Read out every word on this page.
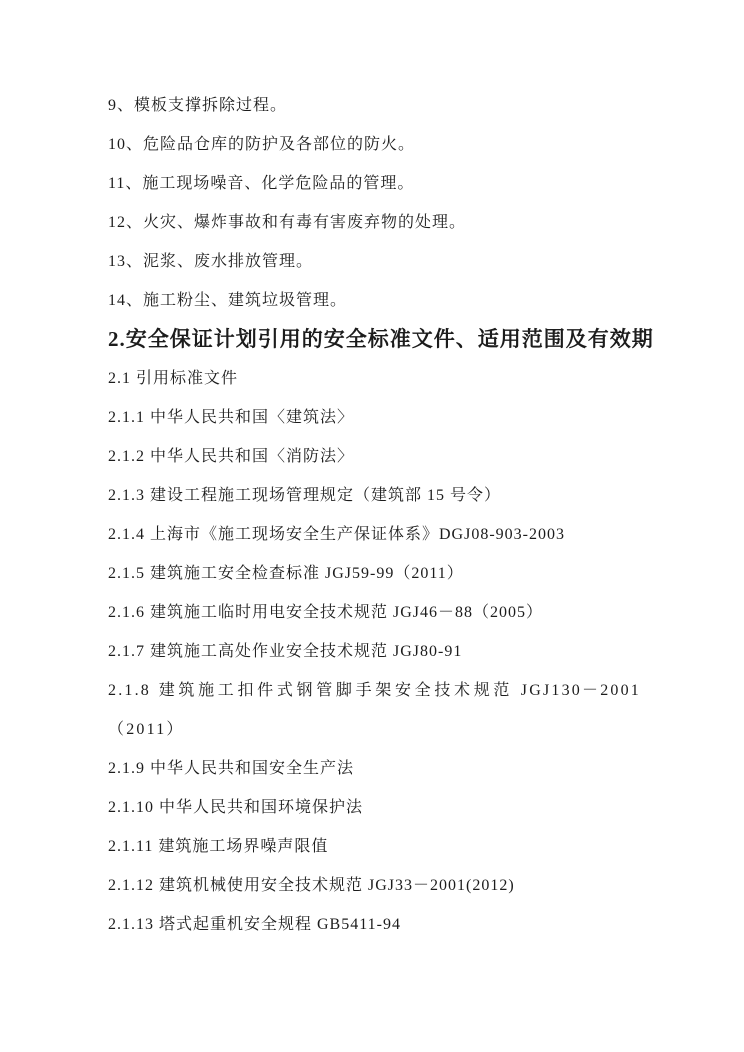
9、模板支撑拆除过程。

10、危险品仓库的防护及各部位的防火。

11、施工现场噪音、化学危险品的管理。

12、火灾、爆炸事故和有毒有害废弃物的处理。

13、泥浆、废水排放管理。

14、施工粉尘、建筑垃圾管理。

2.安全保证计划引用的安全标准文件、适用范围及有效期

2.1 引用标准文件

2.1.1 中华人民共和国〈建筑法〉

2.1.2 中华人民共和国〈消防法〉

2.1.3 建设工程施工现场管理规定（建筑部 15 号令）

2.1.4 上海市《施工现场安全生产保证体系》DGJ08-903-2003

2.1.5 建筑施工安全检查标准 JGJ59-99（2011）

2.1.6 建筑施工临时用电安全技术规范 JGJ46－88（2005）

2.1.7 建筑施工高处作业安全技术规范 JGJ80-91

2.1.8 建筑施工扣件式钢管脚手架安全技术规范 JGJ130－2001 （2011）

2.1.9 中华人民共和国安全生产法

2.1.10 中华人民共和国环境保护法

2.1.11 建筑施工场界噪声限值

2.1.12 建筑机械使用安全技术规范 JGJ33－2001(2012)

2.1.13 塔式起重机安全规程 GB5411-94
